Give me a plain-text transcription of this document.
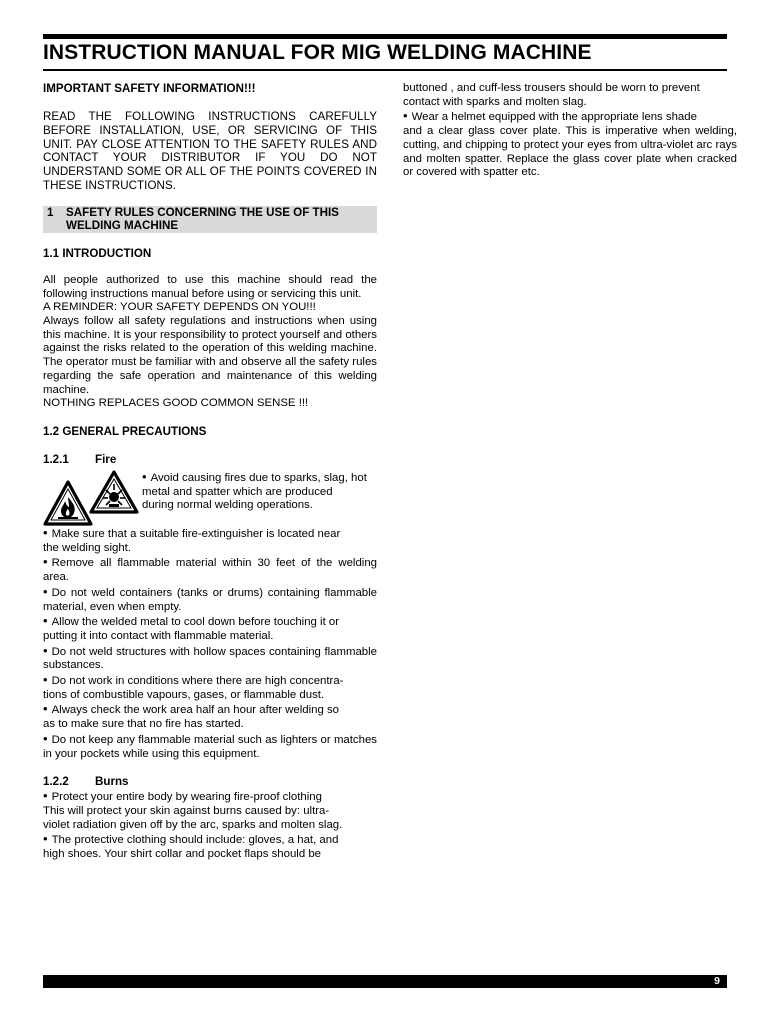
INSTRUCTION MANUAL FOR MIG WELDING MACHINE

IMPORTANT SAFETY INFORMATION!!!

READ THE FOLLOWING INSTRUCTIONS CAREFULLY BEFORE INSTALLATION, USE, OR SERVICING OF THIS UNIT. PAY CLOSE ATTENTION TO THE SAFETY RULES AND CONTACT YOUR DISTRIBUTOR IF YOU DO NOT UNDERSTAND SOME OR ALL OF THE POINTS COVERED IN THESE INSTRUCTIONS.

1	SAFETY RULES CONCERNING THE USE OF THIS WELDING MACHINE

1.1 INTRODUCTION

All people authorized to use this machine should read the following instructions manual before using or servicing this unit.

A REMINDER: YOUR SAFETY DEPENDS ON YOU!!!

Always follow all safety regulations and instructions when using this machine. It is your responsibility to protect yourself and others against the risks related to the operation of this welding machine. The operator must be familiar with and observe all the safety rules regarding the safe operation and maintenance of this welding machine.

NOTHING REPLACES GOOD COMMON SENSE !!!

1.2 GENERAL PRECAUTIONS

1.2.1	Fire

• Avoid causing fires due to sparks, slag, hot metal and spatter which are produced

during normal welding operations.

• Make sure that a suitable fire-extinguisher is located near

the welding sight.

• Remove all flammable material within 30 feet of the welding area.

• Do not weld containers (tanks or drums) containing flammable material, even when empty.

• Allow the welded metal to cool down before touching it or

putting it into contact with flammable material.

• Do not weld structures with hollow spaces containing flammable substances.

• Do not work in conditions where there are high concentra-

tions of combustible vapours, gases, or flammable dust.

• Always check the work area half an hour after welding so

as to make sure that no fire has started.

• Do not keep any flammable material such as lighters or matches in your pockets while using this equipment.

1.2.2	Burns

• Protect your entire body by wearing fire-proof clothing

This will protect your skin against burns caused by: ultra-

violet radiation given off by the arc, sparks and molten slag.

• The protective clothing should include: gloves, a hat, and

high shoes. Your shirt collar and pocket flaps should be

buttoned , and cuff-less trousers should be worn to prevent contact with sparks and molten slag.

• Wear a helmet equipped with the appropriate lens shade

and a clear glass cover plate. This is imperative when welding, cutting, and chipping to protect your eyes from ultra-violet arc rays and molten spatter. Replace the glass cover plate when cracked or covered with spatter etc.

9
